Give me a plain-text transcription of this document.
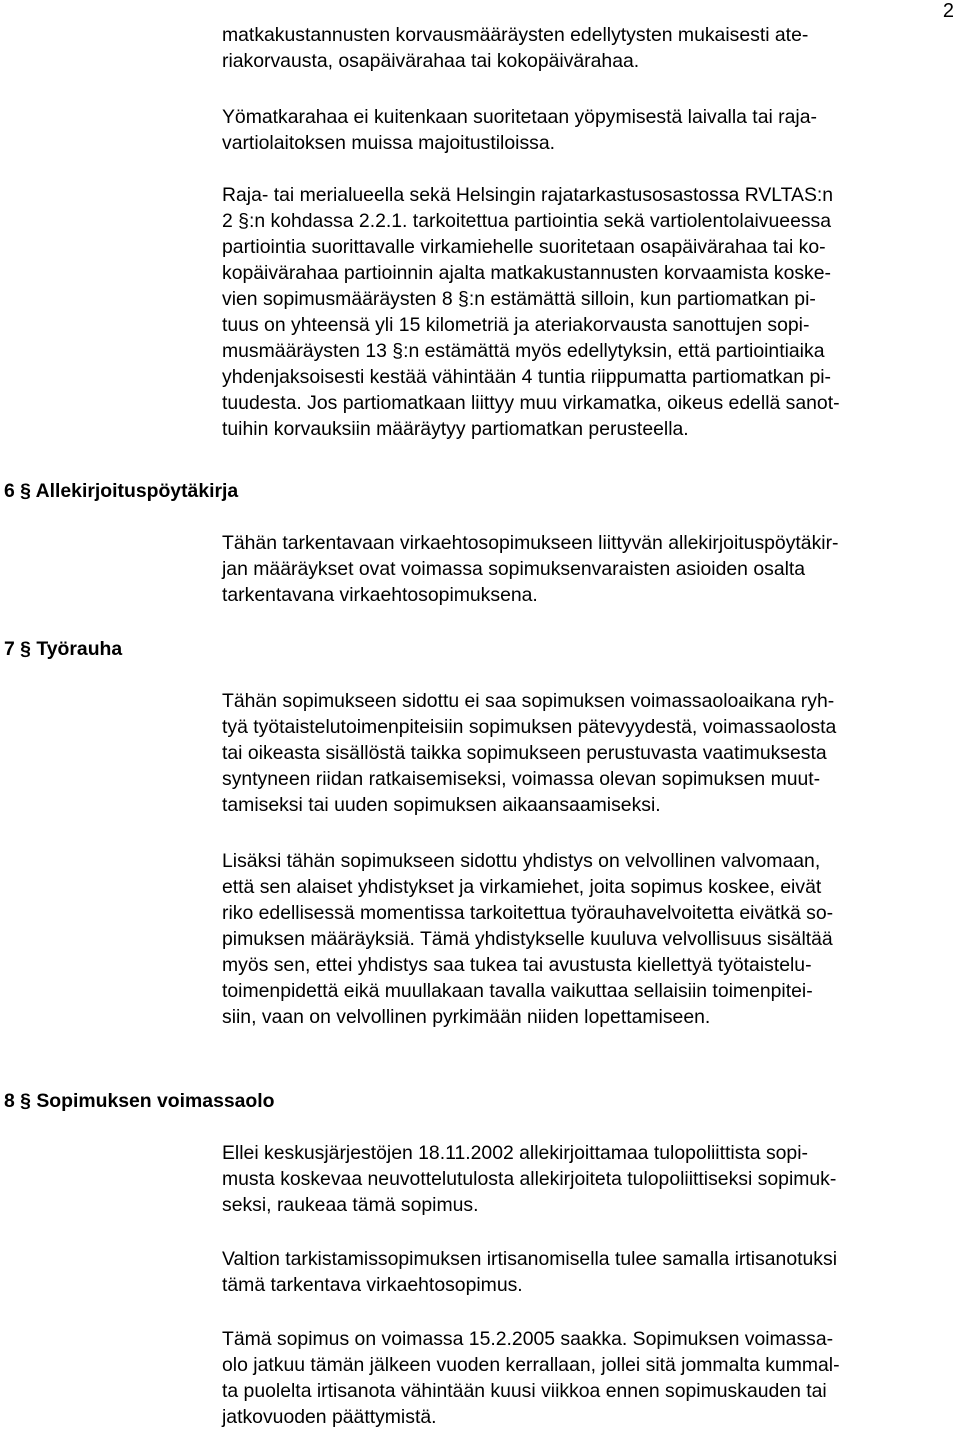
2

matkakustannusten korvausmääräysten edellytysten mukaisesti ate-
riakorvausta, osapäivärahaa tai kokopäivärahaa.

Yömatkarahaa ei kuitenkaan suoritetaan yöpymisestä laivalla tai raja-
vartiolaitoksen muissa majoitustiloissa.

Raja- tai merialueella sekä Helsingin rajatarkastusosastossa RVLTAS:n
2 §:n kohdassa 2.2.1. tarkoitettua partiointia sekä vartiolentolaivueessa
partiointia suorittavalle virkamiehelle suoritetaan osapäivärahaa tai ko-
kopäivärahaa partioinnin ajalta matkakustannusten korvaamista koske-
vien sopimusmääräysten 8 §:n estämättä silloin, kun partiomatkan pi-
tuus on yhteensä yli 15 kilometriä ja ateriakorvausta sanottujen sopi-
musmääräysten 13 §:n estämättä myös edellytyksin, että partiointiaika
yhdenjaksoisesti kestää vähintään 4 tuntia riippumatta partiomatkan pi-
tuudesta. Jos partiomatkaan liittyy muu virkamatka, oikeus edellä sanot-
tuihin korvauksiin määräytyy partiomatkan perusteella.

6 § Allekirjoituspöytäkirja

Tähän tarkentavaan virkaehtosopimukseen liittyvän allekirjoituspöytäkir-
jan määräykset ovat voimassa sopimuksenvaraisten asioiden osalta
tarkentavana virkaehtosopimuksena.

7 § Työrauha

Tähän sopimukseen sidottu ei saa sopimuksen voimassaoloaikana ryh-
tyä työtaistelutoimenpiteisiin sopimuksen pätevyydestä, voimassaolosta
tai oikeasta sisällöstä taikka sopimukseen perustuvasta vaatimuksesta
syntyneen riidan ratkaisemiseksi, voimassa olevan sopimuksen muut-
tamiseksi tai uuden sopimuksen aikaansaamiseksi.

Lisäksi tähän sopimukseen sidottu yhdistys on velvollinen valvomaan,
että sen alaiset yhdistykset ja virkamiehet, joita sopimus koskee, eivät
riko edellisessä momentissa tarkoitettua työrauhavelvoitetta eivätkä so-
pimuksen määräyksiä. Tämä yhdistykselle kuuluva velvollisuus sisältää
myös sen, ettei yhdistys saa tukea tai avustusta kiellettyä työtaistelu-
toimenpidettä eikä muullakaan tavalla vaikuttaa sellaisiin toimenpitei-
siin, vaan on velvollinen pyrkimään niiden lopettamiseen.

8 § Sopimuksen voimassaolo

Ellei keskusjärjestöjen 18.11.2002 allekirjoittamaa tulopoliittista sopi-
musta koskevaa neuvottelutulosta allekirjoiteta tulopoliittiseksi sopimuk-
seksi, raukeaa tämä sopimus.

Valtion tarkistamissopimuksen irtisanomisella tulee samalla irtisanotuksi
tämä tarkentava virkaehtosopimus.

Tämä sopimus on voimassa 15.2.2005 saakka. Sopimuksen voimassa-
olo jatkuu tämän jälkeen vuoden kerrallaan, jollei sitä jommalta kummal-
ta puolelta irtisanota vähintään kuusi viikkoa ennen sopimuskauden tai
jatkovuoden päättymistä.
